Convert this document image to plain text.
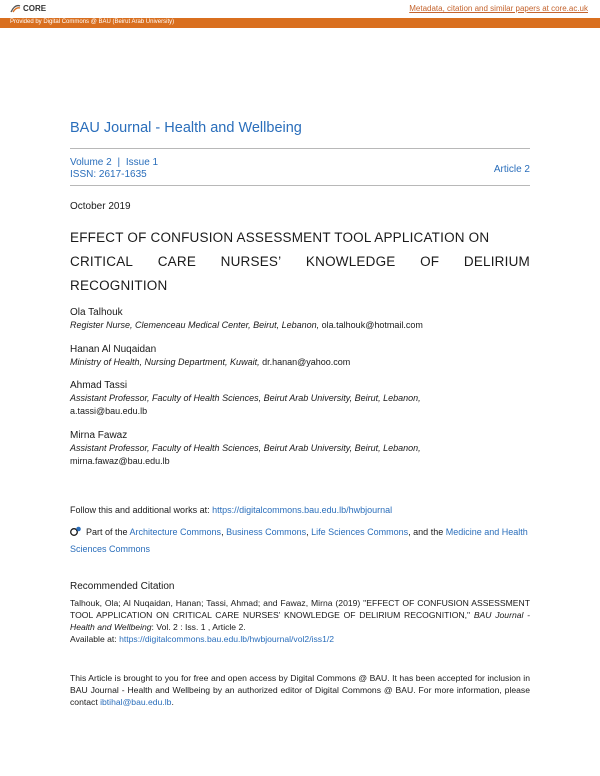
CORE	Metadata, citation and similar papers at core.ac.uk
Provided by Digital Commons @ BAU (Beirut Arab University)
BAU Journal - Health and Wellbeing
Volume 2 | Issue 1
ISSN: 2617-1635	Article 2
October 2019
EFFECT OF CONFUSION ASSESSMENT TOOL APPLICATION ON
CRITICAL CARE NURSES’ KNOWLEDGE OF DELIRIUM
RECOGNITION
Ola Talhouk
Register Nurse, Clemenceau Medical Center, Beirut, Lebanon, ola.talhouk@hotmail.com
Hanan Al Nuqaidan
Ministry of Health, Nursing Department, Kuwait, dr.hanan@yahoo.com
Ahmad Tassi
Assistant Professor, Faculty of Health Sciences, Beirut Arab University, Beirut, Lebanon,
a.tassi@bau.edu.lb
Mirna Fawaz
Assistant Professor, Faculty of Health Sciences, Beirut Arab University, Beirut, Lebanon,
mirna.fawaz@bau.edu.lb
Follow this and additional works at: https://digitalcommons.bau.edu.lb/hwbjournal
Part of the Architecture Commons, Business Commons, Life Sciences Commons, and the Medicine and Health Sciences Commons
Recommended Citation
Talhouk, Ola; Al Nuqaidan, Hanan; Tassi, Ahmad; and Fawaz, Mirna (2019) "EFFECT OF CONFUSION ASSESSMENT TOOL APPLICATION ON CRITICAL CARE NURSES’ KNOWLEDGE OF DELIRIUM RECOGNITION," BAU Journal - Health and Wellbeing: Vol. 2 : Iss. 1 , Article 2.
Available at: https://digitalcommons.bau.edu.lb/hwbjournal/vol2/iss1/2
This Article is brought to you for free and open access by Digital Commons @ BAU. It has been accepted for inclusion in BAU Journal - Health and Wellbeing by an authorized editor of Digital Commons @ BAU. For more information, please contact ibtihal@bau.edu.lb.
